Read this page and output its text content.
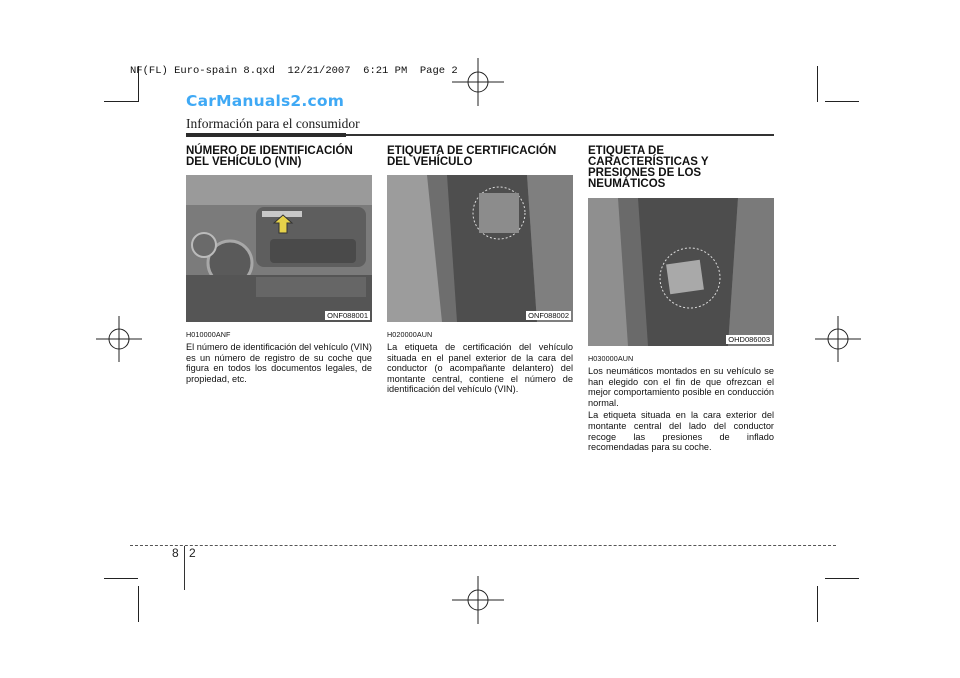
NF(FL) Euro-spain 8.qxd  12/21/2007  6:21 PM  Page 2
CarManuals2.com
Información para el consumidor
NÚMERO DE IDENTIFICACIÓN DEL VEHÍCULO (VIN)
ONF088001
H010000ANF

El número de identificación del vehículo (VIN) es un número de registro de su coche que figura en todos los documentos legales, de propiedad, etc.

ETIQUETA DE CERTIFICACIÓN DEL VEHÍCULO
ONF088002
H020000AUN

La etiqueta de certificación del vehículo situada en el panel exterior de la cara del conductor (o acompañante delantero) del montante central, contiene el número de identificación del vehículo (VIN).

ETIQUETA DE CARACTERÍSTICAS Y PRESIONES DE LOS NEUMÁTICOS
OHD086003
H030000AUN

Los neumáticos montados en su vehículo se han elegido con el fin de que ofrezcan el mejor comportamiento posible en conducción normal.

La etiqueta situada en la cara exterior del montante central del lado del conductor recoge las presiones de inflado recomendadas para su coche.

8 2
